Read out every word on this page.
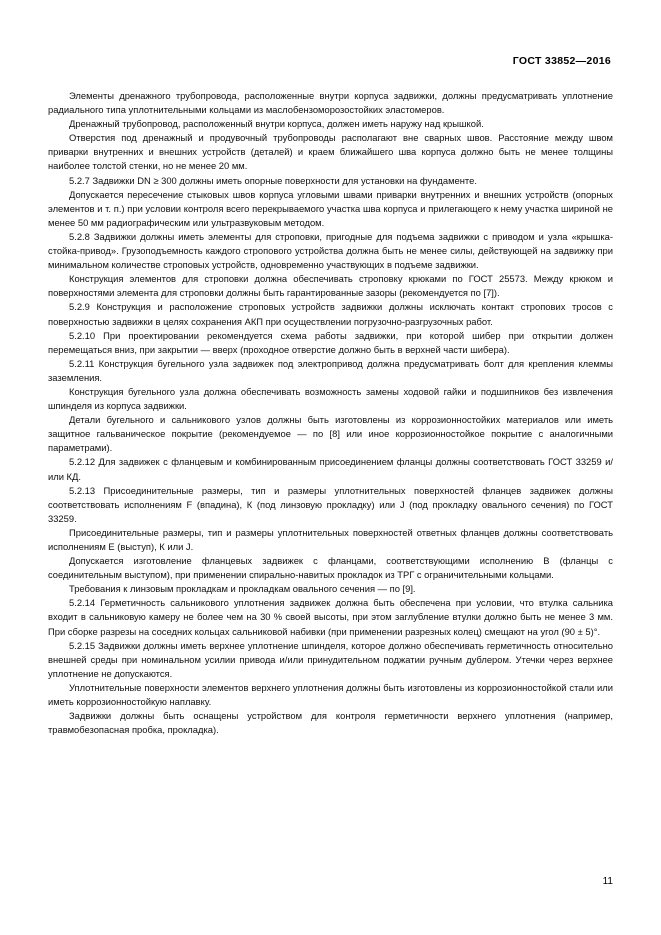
ГОСТ 33852—2016

Элементы дренажного трубопровода, расположенные внутри корпуса задвижки, должны предусматривать уплотнение радиального типа уплотнительными кольцами из маслобензоморозостойких эластомеров.

Дренажный трубопровод, расположенный внутри корпуса, должен иметь наружу над крышкой.

Отверстия под дренажный и продувочный трубопроводы располагают вне сварных швов. Расстояние между швом приварки внутренних и внешних устройств (деталей) и краем ближайшего шва корпуса должно быть не менее толщины наиболее толстой стенки, но не менее 20 мм.

5.2.7 Задвижки DN ≥ 300 должны иметь опорные поверхности для установки на фундаменте.

Допускается пересечение стыковых швов корпуса угловыми швами приварки внутренних и внешних устройств (опорных элементов и т. п.) при условии контроля всего перекрываемого участка шва корпуса и прилегающего к нему участка шириной не менее 50 мм радиографическим или ультразвуковым методом.

5.2.8 Задвижки должны иметь элементы для строповки, пригодные для подъема задвижки с приводом и узла «крышка-стойка-привод». Грузоподъемность каждого стропового устройства должна быть не менее силы, действующей на задвижку при минимальном количестве строповых устройств, одновременно участвующих в подъеме задвижки.

Конструкция элементов для строповки должна обеспечивать строповку крюками по ГОСТ 25573. Между крюком и поверхностями элемента для строповки должны быть гарантированные зазоры (рекомендуется по [7]).

5.2.9 Конструкция и расположение строповых устройств задвижки должны исключать контакт стропових тросов с поверхностью задвижки в целях сохранения АКП при осуществлении погрузочно-разгрузочных работ.

5.2.10 При проектировании рекомендуется схема работы задвижки, при которой шибер при открытии должен перемещаться вниз, при закрытии — вверх (проходное отверстие должно быть в верхней части шибера).

5.2.11 Конструкция бугельного узла задвижек под электропривод должна предусматривать болт для крепления клеммы заземления.

Конструкция бугельного узла должна обеспечивать возможность замены ходовой гайки и подшипников без извлечения шпинделя из корпуса задвижки.

Детали бугельного и сальникового узлов должны быть изготовлены из коррозионностойких материалов или иметь защитное гальваническое покрытие (рекомендуемое — по [8] или иное коррозионностойкое покрытие с аналогичными параметрами).

5.2.12 Для задвижек с фланцевым и комбинированным присоединением фланцы должны соответствовать ГОСТ 33259 и/или КД.

5.2.13 Присоединительные размеры, тип и размеры уплотнительных поверхностей фланцев задвижек должны соответствовать исполнениям F (впадина), К (под линзовую прокладку) или J (под прокладку овального сечения) по ГОСТ 33259.

Присоединительные размеры, тип и размеры уплотнительных поверхностей ответных фланцев должны соответствовать исполнениям Е (выступ), К или J.

Допускается изготовление фланцевых задвижек с фланцами, соответствующими исполнению В (фланцы с соединительным выступом), при применении спирально-навитых прокладок из ТРГ с ограничительными кольцами.

Требования к линзовым прокладкам и прокладкам овального сечения — по [9].

5.2.14 Герметичность сальникового уплотнения задвижек должна быть обеспечена при условии, что втулка сальника входит в сальниковую камеру не более чем на 30 % своей высоты, при этом заглубление втулки должно быть не менее 3 мм. При сборке разрезы на соседних кольцах сальниковой набивки (при применении разрезных колец) смещают на угол (90 ± 5)°.

5.2.15 Задвижки должны иметь верхнее уплотнение шпинделя, которое должно обеспечивать герметичность относительно внешней среды при номинальном усилии привода и/или принудительном поджатии ручным дублером. Утечки через верхнее уплотнение не допускаются.

Уплотнительные поверхности элементов верхнего уплотнения должны быть изготовлены из коррозионностойкой стали или иметь коррозионностойкую наплавку.

Задвижки должны быть оснащены устройством для контроля герметичности верхнего уплотнения (например, травмобезопасная пробка, прокладка).

11
